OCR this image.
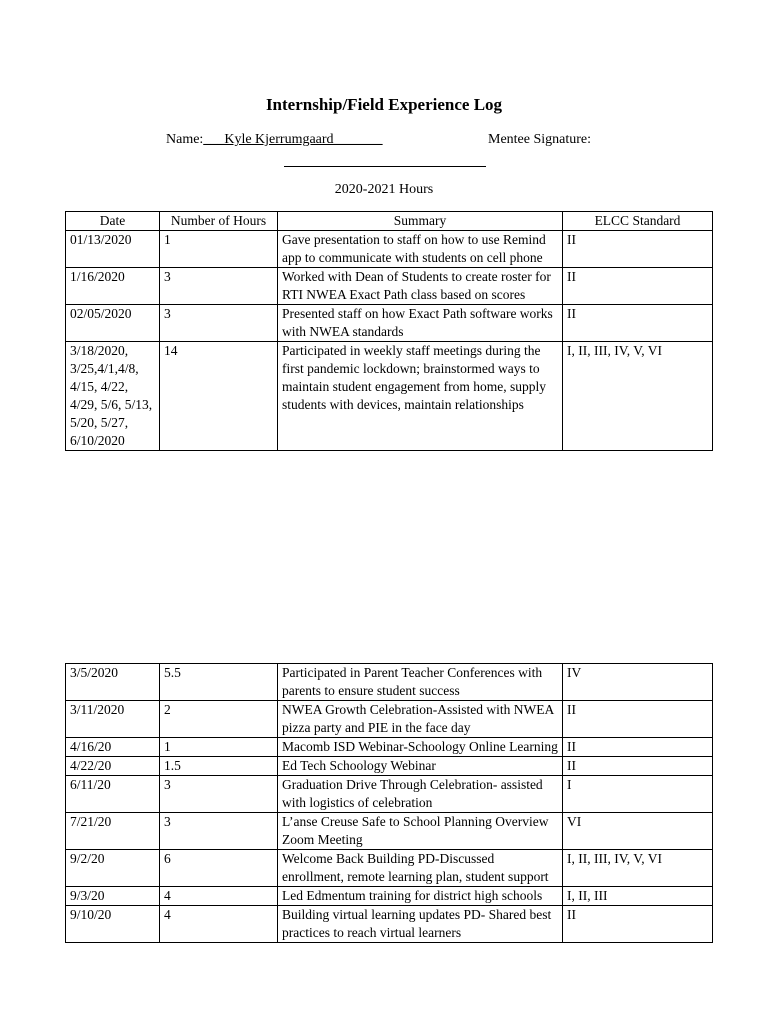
Internship/Field Experience Log
Name:___Kyle Kjerrumgaard_______	Mentee Signature:
2020-2021 Hours
Date	Number of Hours	Summary	ELCC Standard
01/13/2020	1	Gave presentation to staff on how to use Remind app to communicate with students on cell phone	II
1/16/2020	3	Worked with Dean of Students to create roster for RTI NWEA Exact Path class based on scores	II
02/05/2020	3	Presented staff on how Exact Path software works with NWEA standards	II
3/18/2020, 3/25,4/1,4/8, 4/15, 4/22, 4/29, 5/6, 5/13, 5/20, 5/27, 6/10/2020	14	Participated in weekly staff meetings during the first pandemic lockdown; brainstormed ways to maintain student engagement from home, supply students with devices, maintain relationships	I, II, III, IV, V, VI
3/5/2020	5.5	Participated in Parent Teacher Conferences with parents to ensure student success	IV
3/11/2020	2	NWEA Growth Celebration-Assisted with NWEA pizza party and PIE in the face day	II
4/16/20	1	Macomb ISD Webinar-Schoology Online Learning	II
4/22/20	1.5	Ed Tech Schoology Webinar	II
6/11/20	3	Graduation Drive Through Celebration- assisted with logistics of celebration	I
7/21/20	3	L’anse Creuse Safe to School Planning Overview Zoom Meeting	VI
9/2/20	6	Welcome Back Building PD-Discussed enrollment, remote learning plan, student support	I, II, III, IV, V, VI
9/3/20	4	Led Edmentum training for district high schools	I, II, III
9/10/20	4	Building virtual learning updates PD- Shared best practices to reach virtual learners	II
